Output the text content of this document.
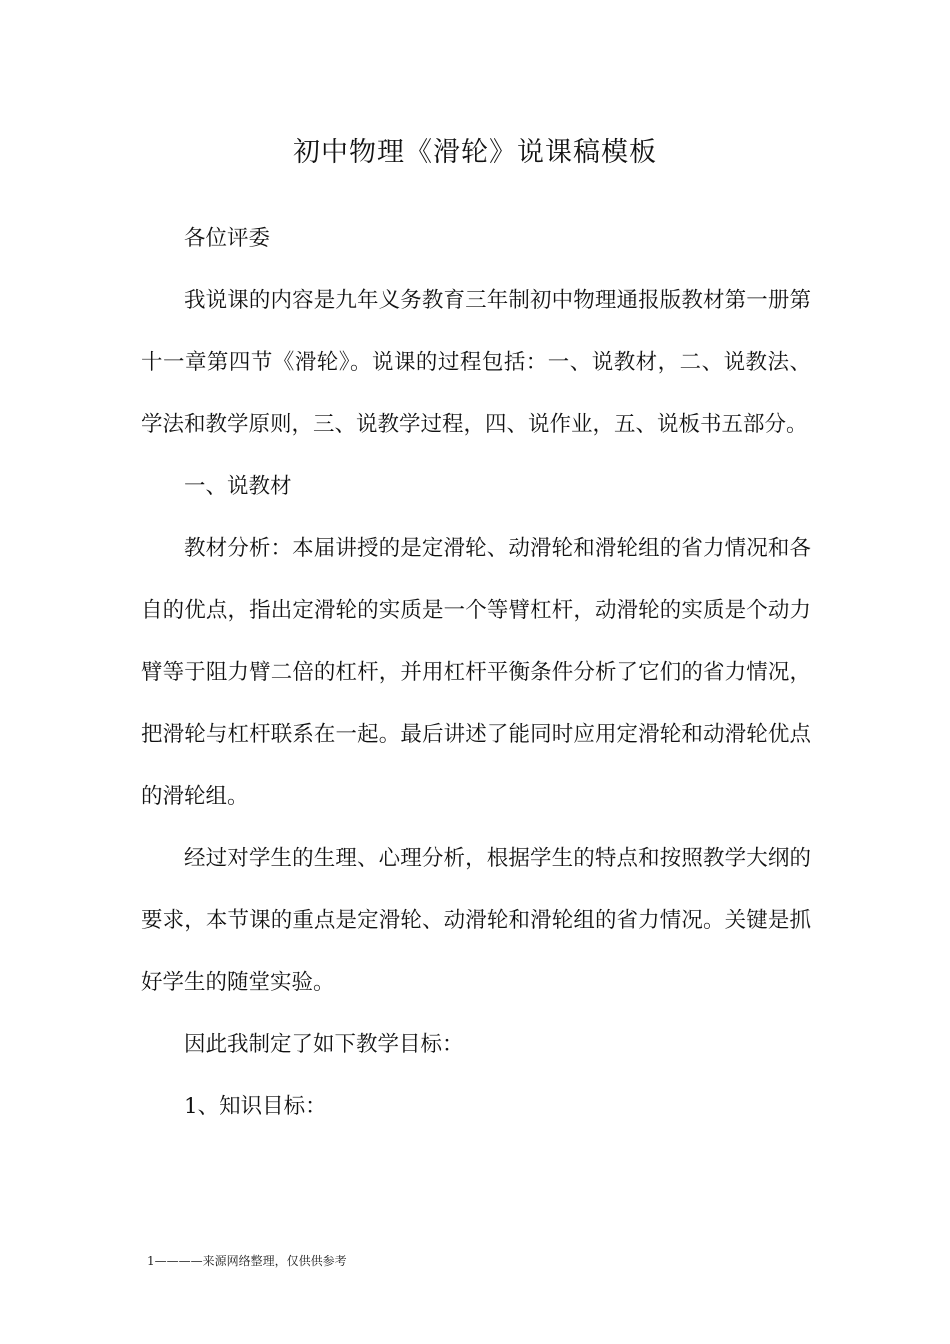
初中物理《滑轮》说课稿模板

各位评委

我说课的内容是九年义务教育三年制初中物理通报版教材第一册第十一章第四节《滑轮》。说课的过程包括：一、说教材，二、说教法、学法和教学原则，三、说教学过程，四、说作业，五、说板书五部分。

一、说教材

教材分析：本届讲授的是定滑轮、动滑轮和滑轮组的省力情况和各自的优点，指出定滑轮的实质是一个等臂杠杆，动滑轮的实质是个动力臂等于阻力臂二倍的杠杆，并用杠杆平衡条件分析了它们的省力情况，把滑轮与杠杆联系在一起。最后讲述了能同时应用定滑轮和动滑轮优点的滑轮组。

经过对学生的生理、心理分析，根据学生的特点和按照教学大纲的要求，本节课的重点是定滑轮、动滑轮和滑轮组的省力情况。关键是抓好学生的随堂实验。

因此我制定了如下教学目标：

1、知识目标：

1————来源网络整理，仅供供参考
